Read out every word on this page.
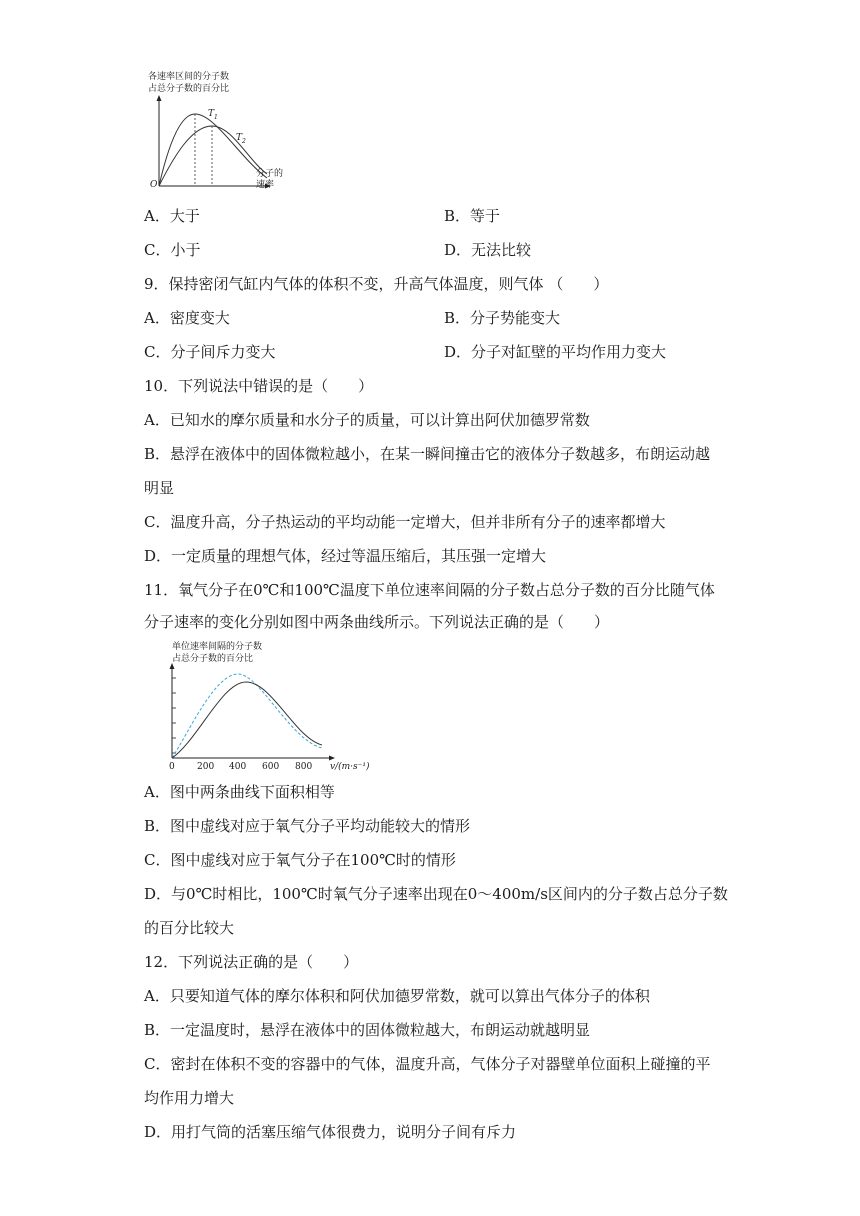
各速率区间的分子数
占总分子数的百分比
$T_1$
$T_2$
O
分子的
速率
A．大于	B．等于
C．小于	D．无法比较
9．保持密闭气缸内气体的体积不变，升高气体温度，则气体 （　　）
A．密度变大	B．分子势能变大
C．分子间斥力变大	D．分子对缸壁的平均作用力变大
10．下列说法中错误的是（　　）
A．已知水的摩尔质量和水分子的质量，可以计算出阿伏加德罗常数
B．悬浮在液体中的固体微粒越小，在某一瞬间撞击它的液体分子数越多，布朗运动越
明显
C．温度升高，分子热运动的平均动能一定增大，但并非所有分子的速率都增大
D．一定质量的理想气体，经过等温压缩后，其压强一定增大
11．氧气分子在0℃和100℃温度下单位速率间隔的分子数占总分子数的百分比随气体
分子速率的变化分别如图中两条曲线所示。下列说法正确的是（　　）
单位速率间隔的分子数
占总分子数的百分比
0 200 400 600 800 v/(m·s⁻¹)
A．图中两条曲线下面积相等
B．图中虚线对应于氧气分子平均动能较大的情形
C．图中虚线对应于氧气分子在100℃时的情形
D．与0℃时相比，100℃时氧气分子速率出现在0～400m/s区间内的分子数占总分子数
的百分比较大
12．下列说法正确的是（　　）
A．只要知道气体的摩尔体积和阿伏加德罗常数，就可以算出气体分子的体积
B．一定温度时，悬浮在液体中的固体微粒越大，布朗运动就越明显
C．密封在体积不变的容器中的气体，温度升高，气体分子对器壁单位面积上碰撞的平
均作用力增大
D．用打气筒的活塞压缩气体很费力，说明分子间有斥力
